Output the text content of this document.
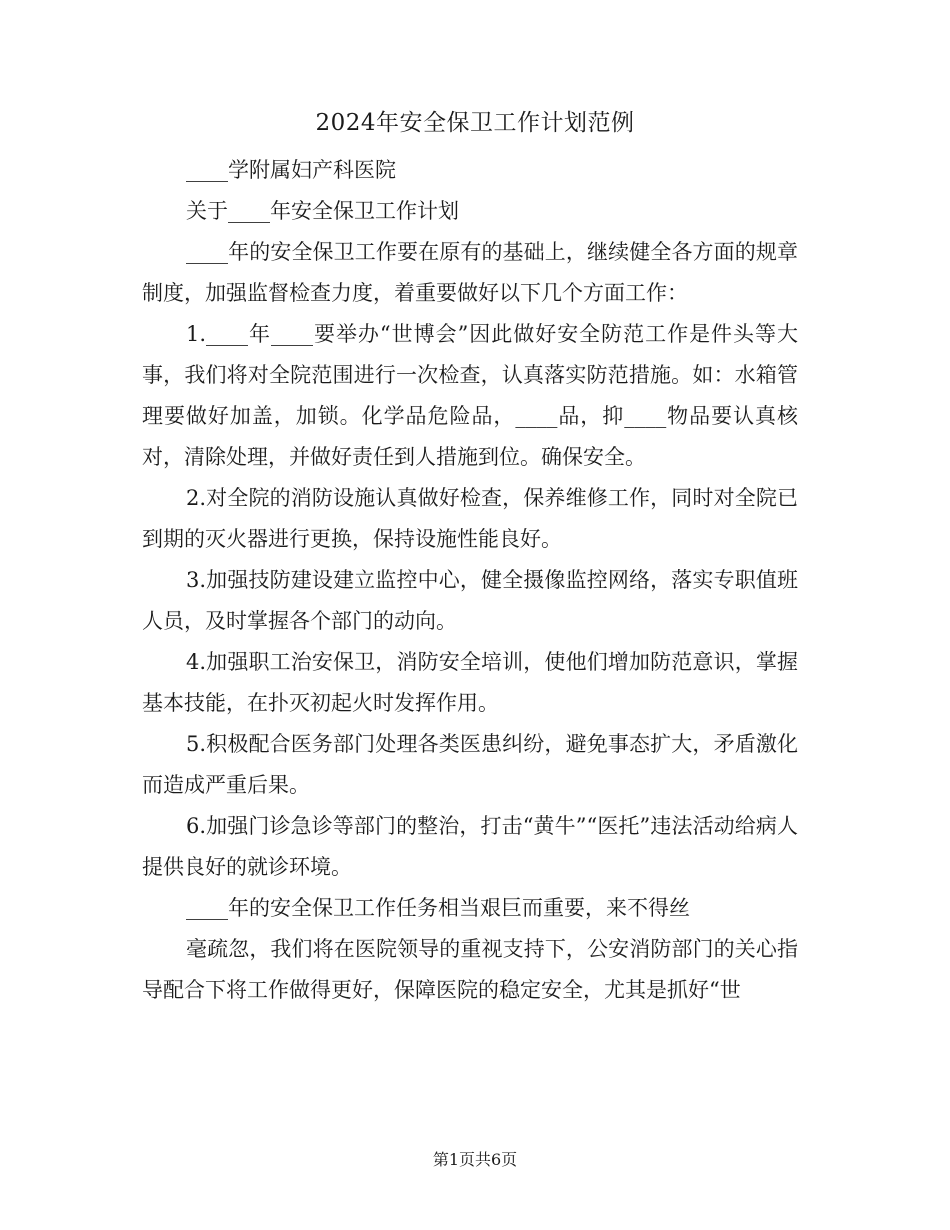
2024年安全保卫工作计划范例

____学附属妇产科医院

关于____年安全保卫工作计划

____年的安全保卫工作要在原有的基础上，继续健全各方面的规章制度，加强监督检查力度，着重要做好以下几个方面工作：

1.____年____要举办“世博会”因此做好安全防范工作是件头等大事，我们将对全院范围进行一次检查，认真落实防范措施。如：水箱管理要做好加盖，加锁。化学品危险品，____品，抑____物品要认真核对，清除处理，并做好责任到人措施到位。确保安全。

2.对全院的消防设施认真做好检查，保养维修工作，同时对全院已到期的灭火器进行更换，保持设施性能良好。

3.加强技防建设建立监控中心，健全摄像监控网络，落实专职值班人员，及时掌握各个部门的动向。

4.加强职工治安保卫，消防安全培训，使他们增加防范意识，掌握基本技能，在扑灭初起火时发挥作用。

5.积极配合医务部门处理各类医患纠纷，避免事态扩大，矛盾激化而造成严重后果。

6.加强门诊急诊等部门的整治，打击“黄牛”“医托”违法活动给病人提供良好的就诊环境。

____年的安全保卫工作任务相当艰巨而重要，来不得丝

毫疏忽，我们将在医院领导的重视支持下，公安消防部门的关心指导配合下将工作做得更好，保障医院的稳定安全，尤其是抓好“世

第1页共6页
